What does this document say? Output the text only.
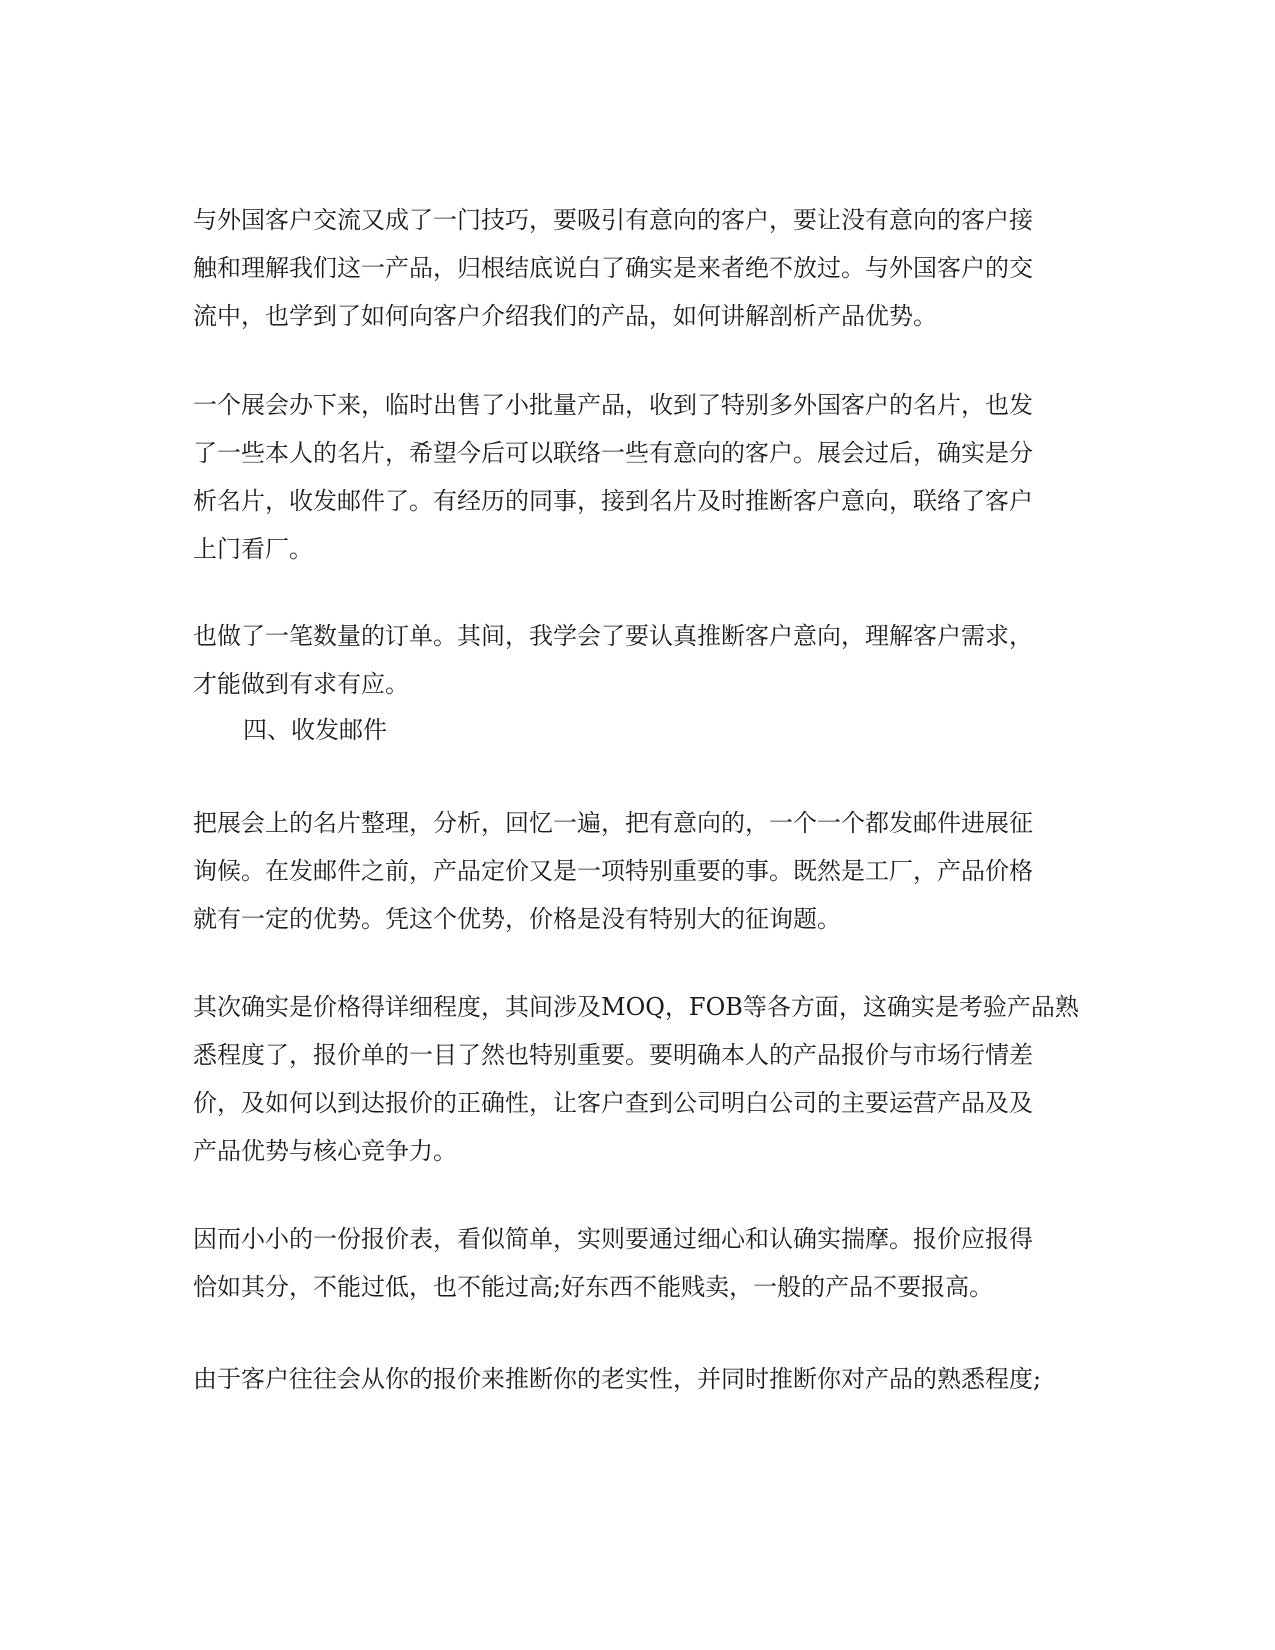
与外国客户交流又成了一门技巧，要吸引有意向的客户，要让没有意向的客户接
触和理解我们这一产品，归根结底说白了确实是来者绝不放过。与外国客户的交
流中，也学到了如何向客户介绍我们的产品，如何讲解剖析产品优势。
一个展会办下来，临时出售了小批量产品，收到了特别多外国客户的名片，也发
了一些本人的名片，希望今后可以联络一些有意向的客户。展会过后，确实是分
析名片，收发邮件了。有经历的同事，接到名片及时推断客户意向，联络了客户
上门看厂。
也做了一笔数量的订单。其间，我学会了要认真推断客户意向，理解客户需求，
才能做到有求有应。
四、收发邮件
把展会上的名片整理，分析，回忆一遍，把有意向的，一个一个都发邮件进展征
询候。在发邮件之前，产品定价又是一项特别重要的事。既然是工厂，产品价格
就有一定的优势。凭这个优势，价格是没有特别大的征询题。
其次确实是价格得详细程度，其间涉及MOQ，FOB等各方面，这确实是考验产品熟
悉程度了，报价单的一目了然也特别重要。要明确本人的产品报价与市场行情差
价，及如何以到达报价的正确性，让客户查到公司明白公司的主要运营产品及及
产品优势与核心竞争力。
因而小小的一份报价表，看似简单，实则要通过细心和认确实揣摩。报价应报得
恰如其分，不能过低，也不能过高;好东西不能贱卖，一般的产品不要报高。
由于客户往往会从你的报价来推断你的老实性，并同时推断你对产品的熟悉程度;
